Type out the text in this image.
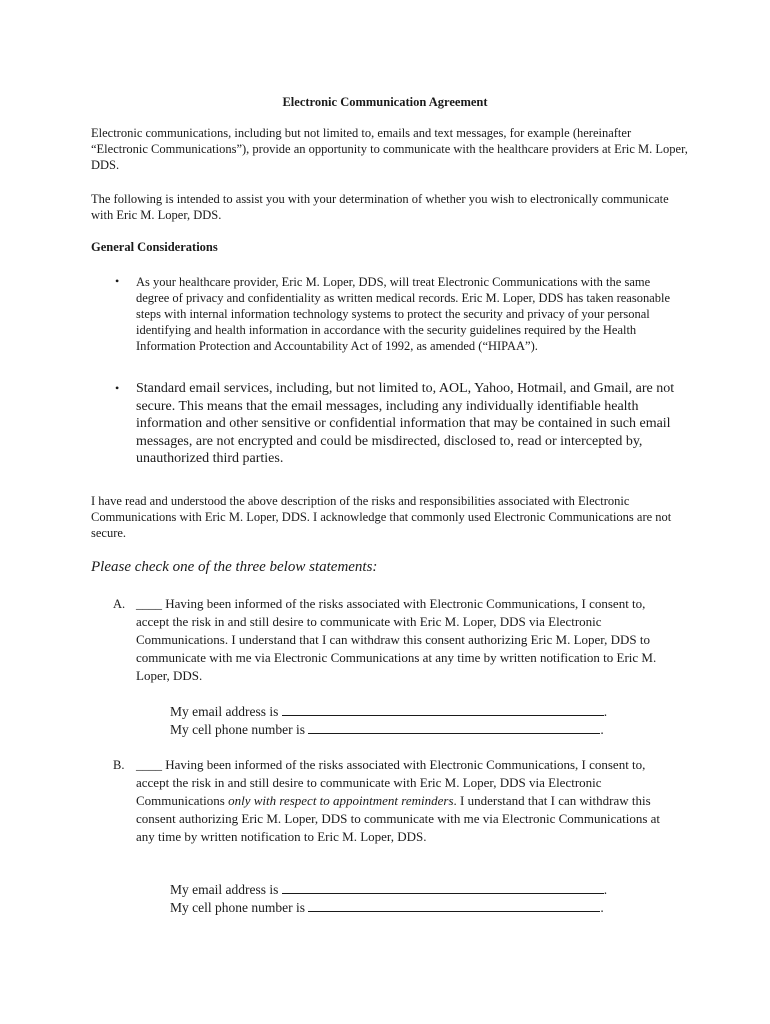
Electronic Communication Agreement
Electronic communications, including but not limited to, emails and text messages, for example (hereinafter “Electronic Communications”), provide an opportunity to communicate with the healthcare providers at Eric M. Loper, DDS.
The following is intended to assist you with your determination of whether you wish to electronically communicate with Eric M. Loper, DDS.
General Considerations
• As your healthcare provider, Eric M. Loper, DDS, will treat Electronic Communications with the same degree of privacy and confidentiality as written medical records. Eric M. Loper, DDS has taken reasonable steps with internal information technology systems to protect the security and privacy of your personal identifying and health information in accordance with the security guidelines required by the Health Information Protection and Accountability Act of 1992, as amended (“HIPAA”).
• Standard email services, including, but not limited to, AOL, Yahoo, Hotmail, and Gmail, are not secure. This means that the email messages, including any individually identifiable health information and other sensitive or confidential information that may be contained in such email messages, are not encrypted and could be misdirected, disclosed to, read or intercepted by, unauthorized third parties.
I have read and understood the above description of the risks and responsibilities associated with Electronic Communications with Eric M. Loper, DDS. I acknowledge that commonly used Electronic Communications are not secure.
Please check one of the three below statements:
A. ____ Having been informed of the risks associated with Electronic Communications, I consent to, accept the risk in and still desire to communicate with Eric M. Loper, DDS via Electronic Communications. I understand that I can withdraw this consent authorizing Eric M. Loper, DDS to communicate with me via Electronic Communications at any time by written notification to Eric M. Loper, DDS.
My email address is	.
My cell phone number is	.
B. ____ Having been informed of the risks associated with Electronic Communications, I consent to, accept the risk in and still desire to communicate with Eric M. Loper, DDS via Electronic Communications only with respect to appointment reminders. I understand that I can withdraw this consent authorizing Eric M. Loper, DDS to communicate with me via Electronic Communications at any time by written notification to Eric M. Loper, DDS.
My email address is	.
My cell phone number is	.
